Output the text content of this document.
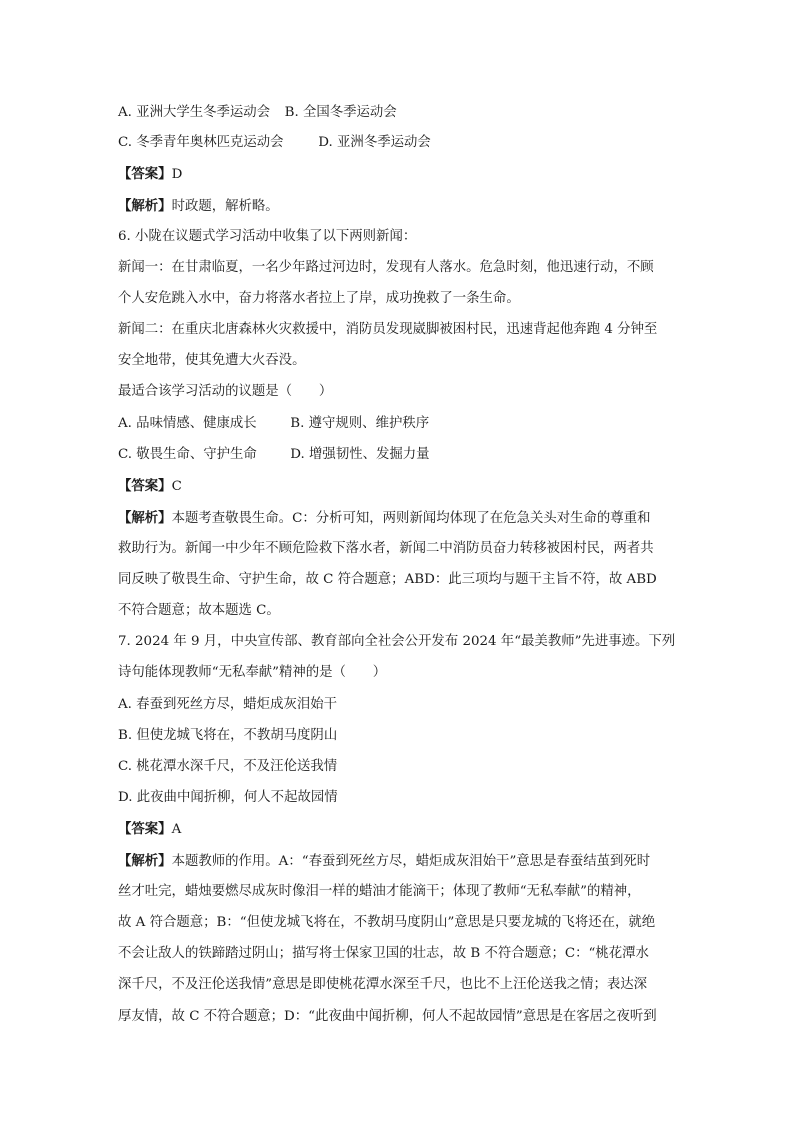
A. 亚洲大学生冬季运动会 B. 全国冬季运动会
C. 冬季青年奥林匹克运动会	D. 亚洲冬季运动会
【答案】D
【解析】时政题，解析略。
6. 小陇在议题式学习活动中收集了以下两则新闻：
新闻一：在甘肃临夏，一名少年路过河边时，发现有人落水。危急时刻，他迅速行动，不顾
个人安危跳入水中，奋力将落水者拉上了岸，成功挽救了一条生命。
新闻二：在重庆北唐森林火灾救援中，消防员发现崴脚被困村民，迅速背起他奔跑 4 分钟至
安全地带，使其免遭大火吞没。
最适合该学习活动的议题是（　　）
A. 品味情感、健康成长	B. 遵守规则、维护秩序
C. 敬畏生命、守护生命 D. 增强韧性、发掘力量
【答案】C
【解析】本题考查敬畏生命。C：分析可知，两则新闻均体现了在危急关头对生命的尊重和
救助行为。新闻一中少年不顾危险救下落水者，新闻二中消防员奋力转移被困村民，两者共
同反映了敬畏生命、守护生命，故 C 符合题意；ABD：此三项均与题干主旨不符，故 ABD
不符合题意；故本题选 C。
7. 2024 年 9 月，中央宣传部、教育部向全社会公开发布 2024 年“最美教师”先进事迹。下列
诗句能体现教师“无私奉献”精神的是（　　）
A. 春蚕到死丝方尽，蜡炬成灰泪始干
B. 但使龙城飞将在，不教胡马度阴山
C. 桃花潭水深千尺，不及汪伦送我情
D. 此夜曲中闻折柳，何人不起故园情
【答案】A
【解析】本题教师的作用。A：“春蚕到死丝方尽，蜡炬成灰泪始干”意思是春蚕结茧到死时
丝才吐完，蜡烛要燃尽成灰时像泪一样的蜡油才能滴干；体现了教师“无私奉献”的精神，
故 A 符合题意；B：“但使龙城飞将在，不教胡马度阴山”意思是只要龙城的飞将还在，就绝
不会让敌人的铁蹄踏过阴山；描写将士保家卫国的壮志，故 B 不符合题意；C：“桃花潭水
深千尺，不及汪伦送我情”意思是即使桃花潭水深至千尺，也比不上汪伦送我之情；表达深
厚友情，故 C 不符合题意；D：“此夜曲中闻折柳，何人不起故园情”意思是在客居之夜听到
